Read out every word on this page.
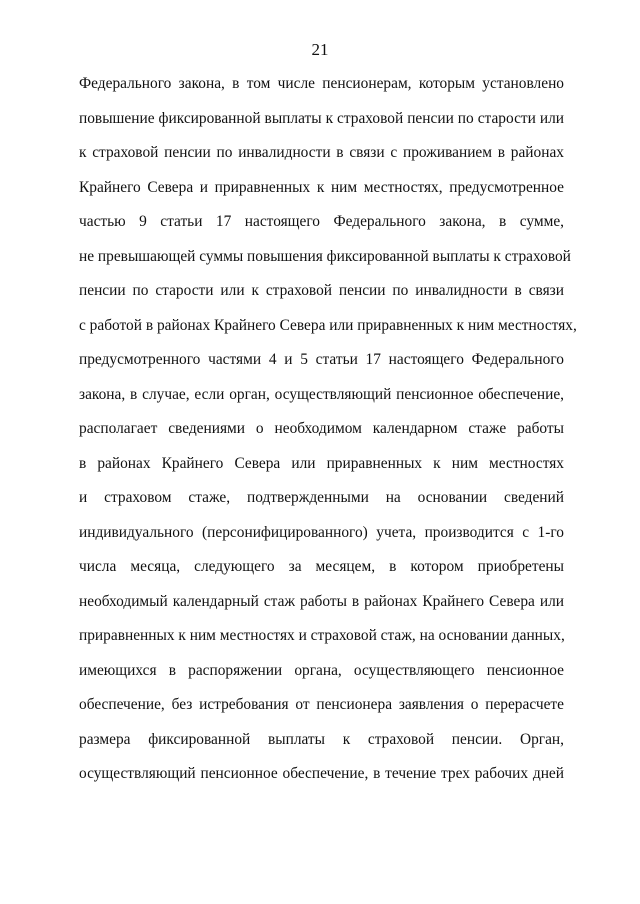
21
Федерального закона, в том числе пенсионерам, которым установлено
повышение фиксированной выплаты к страховой пенсии по старости или
к страховой пенсии по инвалидности в связи с проживанием в районах
Крайнего Севера и приравненных к ним местностях, предусмотренное
частью 9 статьи 17 настоящего Федерального закона, в сумме,
не превышающей суммы повышения фиксированной выплаты к страховой
пенсии по старости или к страховой пенсии по инвалидности в связи
с работой в районах Крайнего Севера или приравненных к ним местностях,
предусмотренного частями 4 и 5 статьи 17 настоящего Федерального
закона, в случае, если орган, осуществляющий пенсионное обеспечение,
располагает сведениями о необходимом календарном стаже работы
в районах Крайнего Севера или приравненных к ним местностях
и страховом стаже, подтвержденными на основании сведений
индивидуального (персонифицированного) учета, производится с 1-го
числа месяца, следующего за месяцем, в котором приобретены
необходимый календарный стаж работы в районах Крайнего Севера или
приравненных к ним местностях и страховой стаж, на основании данных,
имеющихся в распоряжении органа, осуществляющего пенсионное
обеспечение, без истребования от пенсионера заявления о перерасчете
размера фиксированной выплаты к страховой пенсии. Орган,
осуществляющий пенсионное обеспечение, в течение трех рабочих дней
